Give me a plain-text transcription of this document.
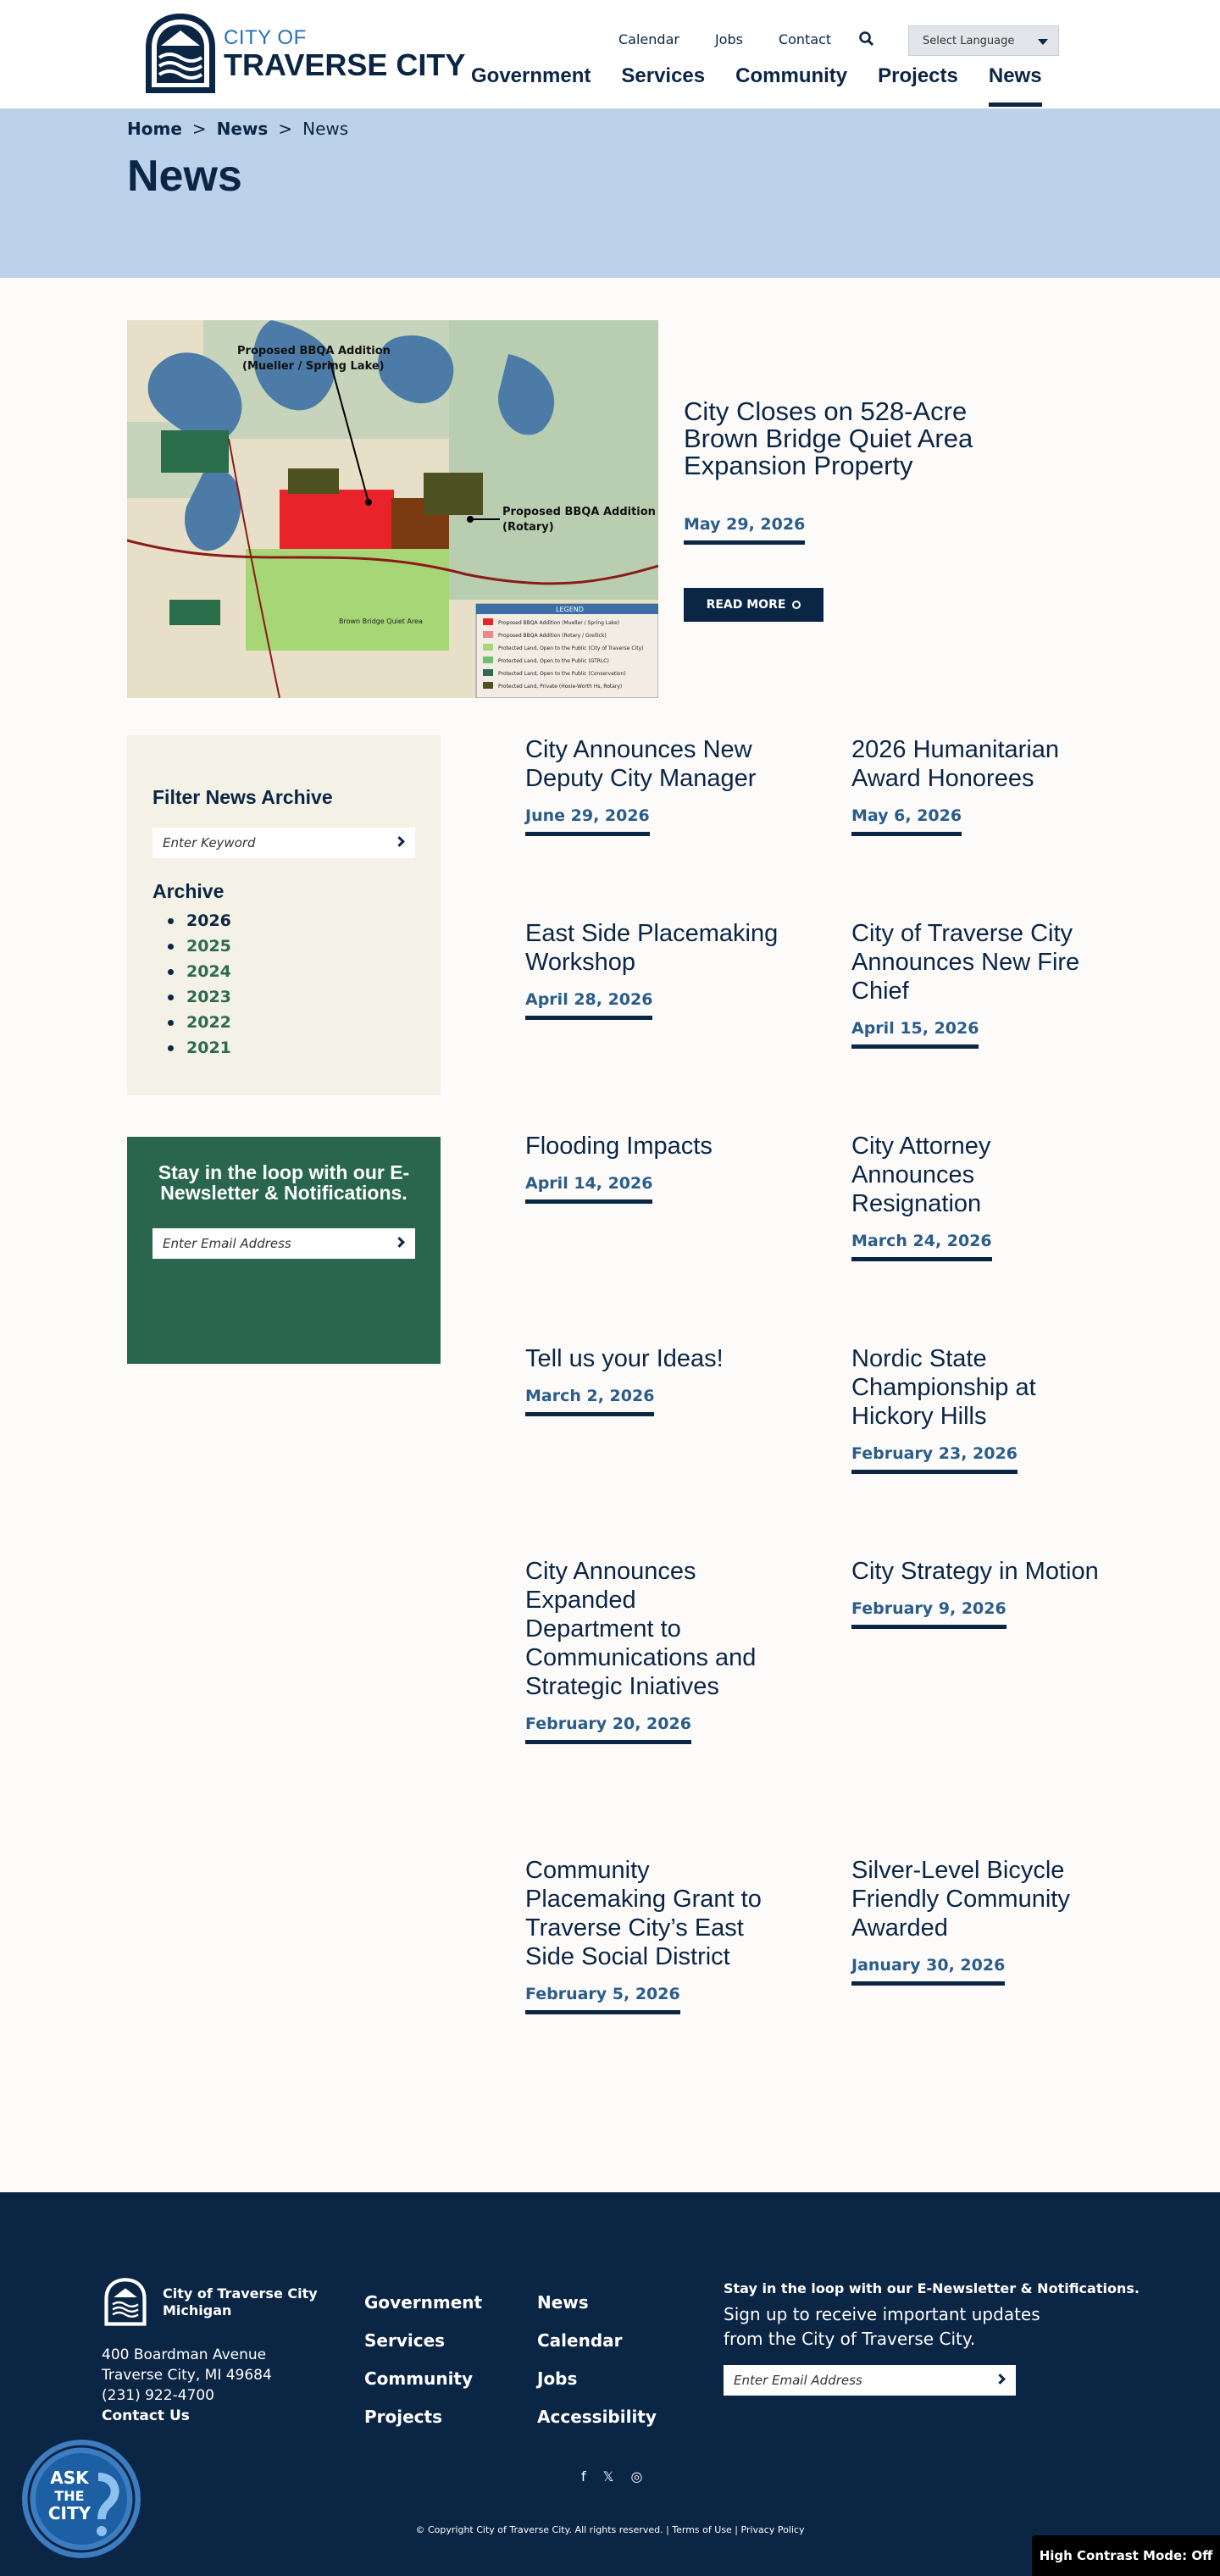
CITY OF
TRAVERSE CITY
Calendar	Jobs	Contact	Select Language
Government Services Community Projects News
Home > News > News
News
Proposed BBQA Addition
(Mueller / Spring Lake)
Proposed BBQA Addition
(Rotary)
Brown Bridge Quiet Area
LEGEND
Proposed BBQA Addition (Mueller / Spring Lake)
Proposed BBQA Addition (Rotary / Grellick)
Protected Land, Open to the Public (City of Traverse City)
Protected Land, Open to the Public (GTRLC)
Protected Land, Open to the Public (Conservation)
Protected Land, Private (Hoxie-Worth Hs, Rotary)
City Closes on 528-Acre Brown Bridge Quiet Area Expansion Property
May 29, 2026
READ MORE
Filter News Archive
Enter Keyword
Archive
2026
2025
2024
2023
2022
2021
Stay in the loop with our E-Newsletter & Notifications.
Enter Email Address
City Announces New Deputy City Manager
June 29, 2026
2026 Humanitarian Award Honorees
May 6, 2026
East Side Placemaking Workshop
April 28, 2026
City of Traverse City Announces New Fire Chief
April 15, 2026
Flooding Impacts
April 14, 2026
City Attorney Announces Resignation
March 24, 2026
Tell us your Ideas!
March 2, 2026
Nordic State Championship at Hickory Hills
February 23, 2026
City Announces Expanded Department to Communications and Strategic Iniatives
February 20, 2026
City Strategy in Motion
February 9, 2026
Community Placemaking Grant to Traverse City’s East Side Social District
February 5, 2026
Silver-Level Bicycle Friendly Community Awarded
January 30, 2026
City of Traverse City
Michigan
400 Boardman Avenue
Traverse City, MI 49684
(231) 922-4700
Contact Us
Government
Services
Community
Projects
News
Calendar
Jobs
Accessibility
Stay in the loop with our E-Newsletter & Notifications.
Sign up to receive important updates from the City of Traverse City.
Enter Email Address
f 𝕏 ◎
© Copyright City of Traverse City. All rights reserved. | Terms of Use | Privacy Policy
ASK
THE
CITY
High Contrast Mode: Off
